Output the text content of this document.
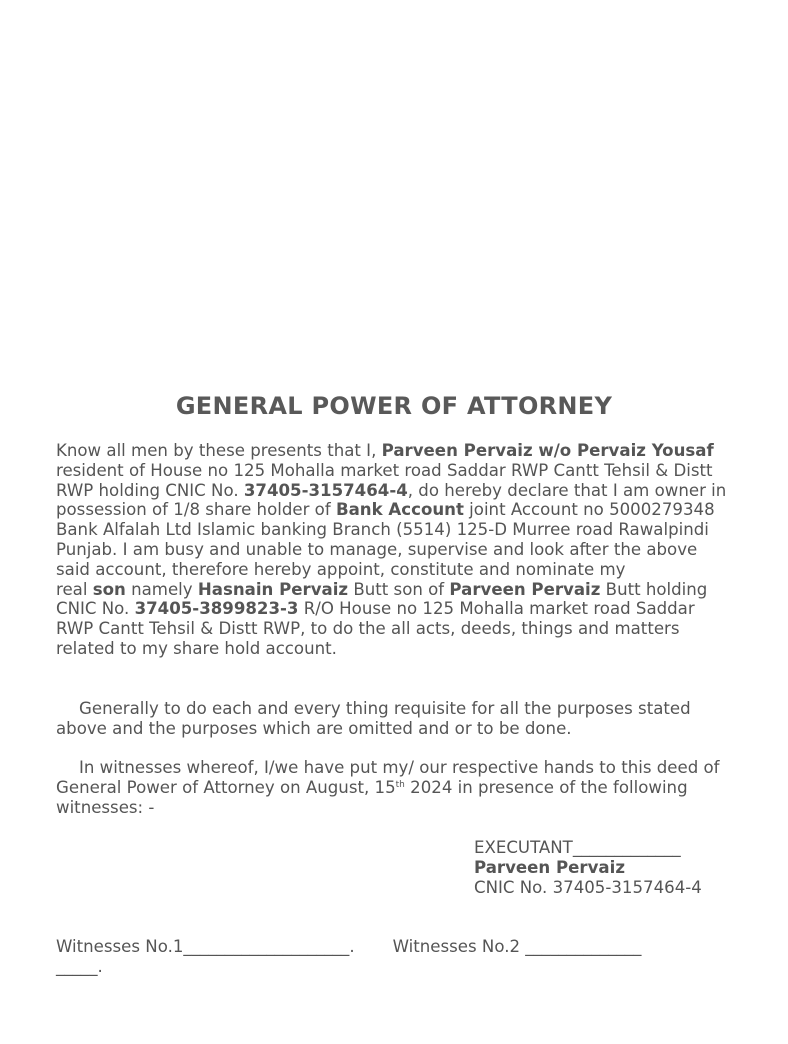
GENERAL POWER OF ATTORNEY

Know all men by these presents that I, Parveen Pervaiz w/o Pervaiz Yousaf resident of House no 125 Mohalla market road Saddar RWP Cantt Tehsil & Distt RWP holding CNIC No. 37405-3157464-4, do hereby declare that I am owner in possession of 1/8 share holder of Bank Account joint Account no 5000279348 Bank Alfalah Ltd Islamic banking Branch (5514) 125-D Murree road Rawalpindi Punjab. I am busy and unable to manage, supervise and look after the above said account, therefore hereby appoint, constitute and nominate my
real son namely Hasnain Pervaiz Butt son of Parveen Pervaiz Butt holding CNIC No. 37405-3899823-3 R/O House no 125 Mohalla market road Saddar RWP Cantt Tehsil & Distt RWP, to do the all acts, deeds, things and matters related to my share hold account.

Generally to do each and every thing requisite for all the purposes stated above and the purposes which are omitted and or to be done.

In witnesses whereof, I/we have put my/ our respective hands to this deed of General Power of Attorney on August, 15th 2024 in presence of the following witnesses: -

EXECUTANT_____________
Parveen Pervaiz
CNIC No. 37405-3157464-4
Witnesses No.1____________________. Witnesses No.2 ______________
_____.
